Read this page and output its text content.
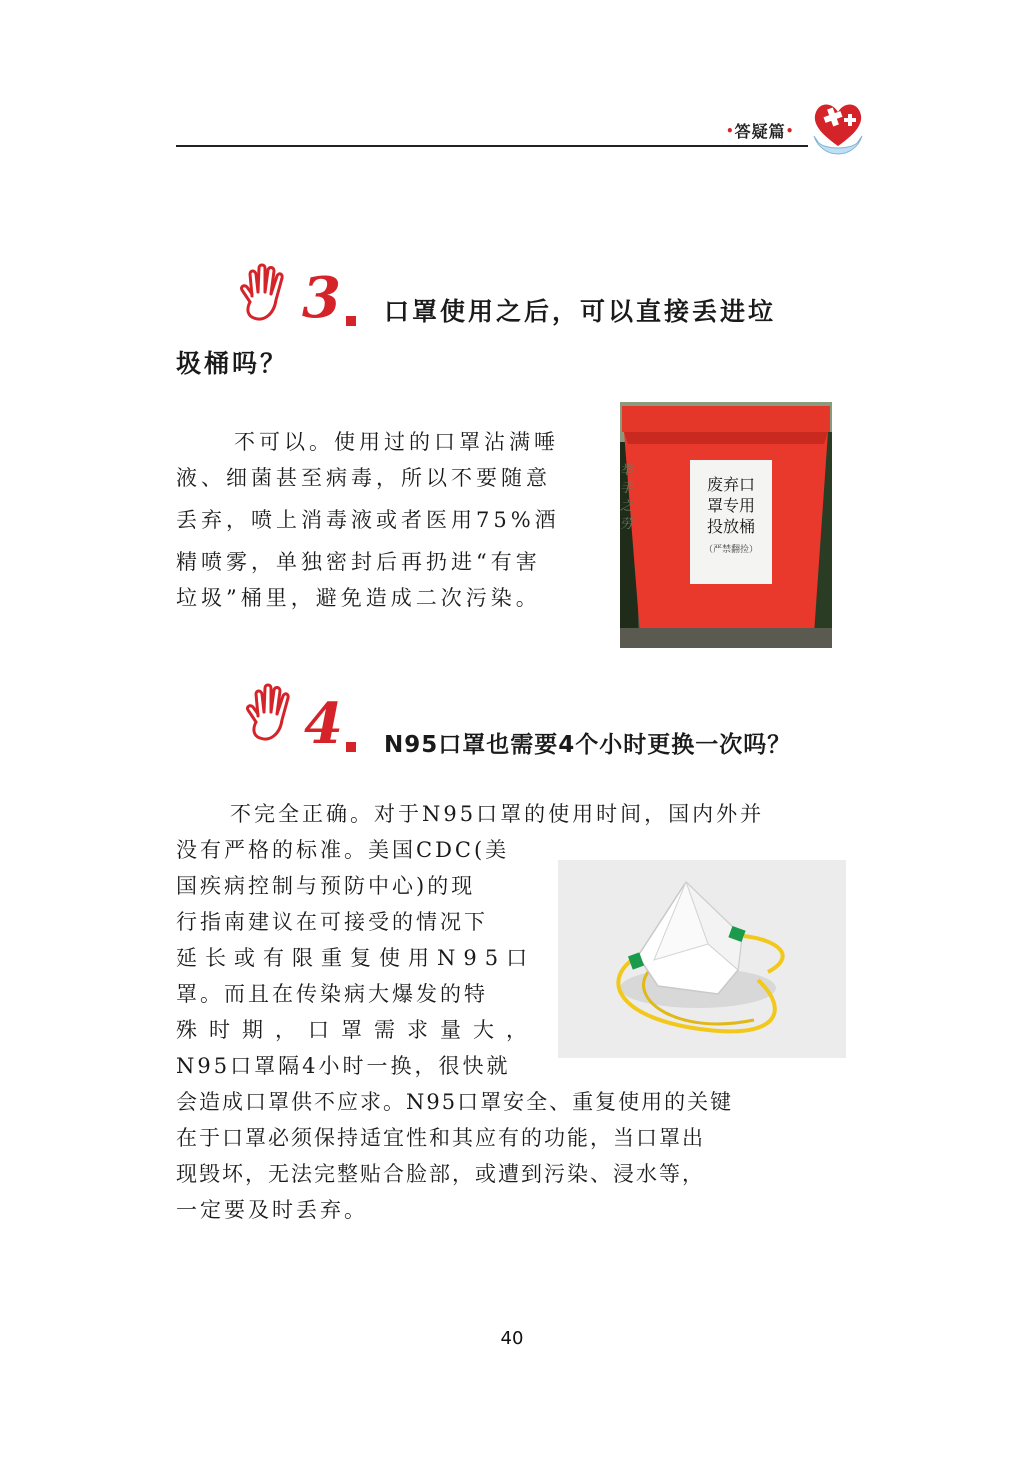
•答疑篇•
3 口罩使用之后，可以直接丢进垃
圾桶吗？
不可以。使用过的口罩沾满唾
液、细菌甚至病毒，所以不要随意
丢弃，喷上消毒液或者医用75%酒
精喷雾，单独密封后再扔进“有害
垃圾”桶里，避免造成二次污染。
废弃口
罩专用
投放桶
（严禁翻捡）
举手之劳
4 N95口罩也需要4个小时更换一次吗？
不完全正确。对于N95口罩的使用时间，国内外并
没有严格的标准。美国CDC(美
国疾病控制与预防中心)的现
行指南建议在可接受的情况下
延长或有限重复使用N95口
罩。而且在传染病大爆发的特
殊时期，口罩需求量大，
N95口罩隔4小时一换，很快就
会造成口罩供不应求。N95口罩安全、重复使用的关键
在于口罩必须保持适宜性和其应有的功能，当口罩出
现毁坏，无法完整贴合脸部，或遭到污染、浸水等，
一定要及时丢弃。
40
